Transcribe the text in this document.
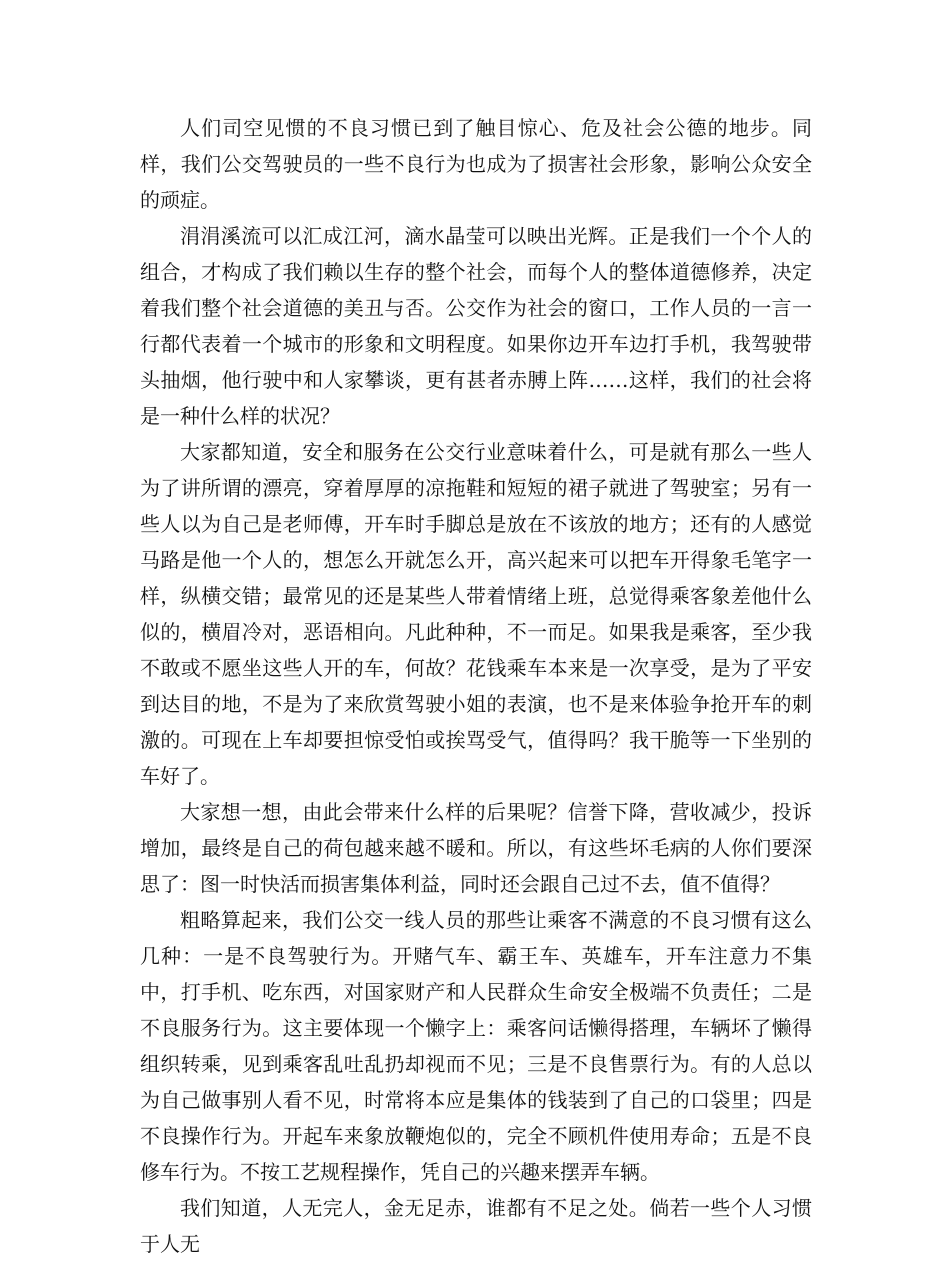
人们司空见惯的不良习惯已到了触目惊心、危及社会公德的地步。同样，我们公交驾驶员的一些不良行为也成为了损害社会形象，影响公众安全的顽症。

涓涓溪流可以汇成江河，滴水晶莹可以映出光辉。正是我们一个个人的组合，才构成了我们赖以生存的整个社会，而每个人的整体道德修养，决定着我们整个社会道德的美丑与否。公交作为社会的窗口，工作人员的一言一行都代表着一个城市的形象和文明程度。如果你边开车边打手机，我驾驶带头抽烟，他行驶中和人家攀谈，更有甚者赤膊上阵……这样，我们的社会将是一种什么样的状况？

大家都知道，安全和服务在公交行业意味着什么，可是就有那么一些人为了讲所谓的漂亮，穿着厚厚的凉拖鞋和短短的裙子就进了驾驶室；另有一些人以为自己是老师傅，开车时手脚总是放在不该放的地方；还有的人感觉马路是他一个人的，想怎么开就怎么开，高兴起来可以把车开得象毛笔字一样，纵横交错；最常见的还是某些人带着情绪上班，总觉得乘客象差他什么似的，横眉冷对，恶语相向。凡此种种，不一而足。如果我是乘客，至少我不敢或不愿坐这些人开的车，何故？花钱乘车本来是一次享受，是为了平安到达目的地，不是为了来欣赏驾驶小姐的表演，也不是来体验争抢开车的刺激的。可现在上车却要担惊受怕或挨骂受气，值得吗？我干脆等一下坐别的车好了。

大家想一想，由此会带来什么样的后果呢？信誉下降，营收减少，投诉增加，最终是自己的荷包越来越不暖和。所以，有这些坏毛病的人你们要深思了：图一时快活而损害集体利益，同时还会跟自己过不去，值不值得？

粗略算起来，我们公交一线人员的那些让乘客不满意的不良习惯有这么几种：一是不良驾驶行为。开赌气车、霸王车、英雄车，开车注意力不集中，打手机、吃东西，对国家财产和人民群众生命安全极端不负责任；二是不良服务行为。这主要体现一个懒字上：乘客问话懒得搭理，车辆坏了懒得组织转乘，见到乘客乱吐乱扔却视而不见；三是不良售票行为。有的人总以为自己做事别人看不见，时常将本应是集体的钱装到了自己的口袋里；四是不良操作行为。开起车来象放鞭炮似的，完全不顾机件使用寿命；五是不良修车行为。不按工艺规程操作，凭自己的兴趣来摆弄车辆。

我们知道，人无完人，金无足赤，谁都有不足之处。倘若一些个人习惯于人无
